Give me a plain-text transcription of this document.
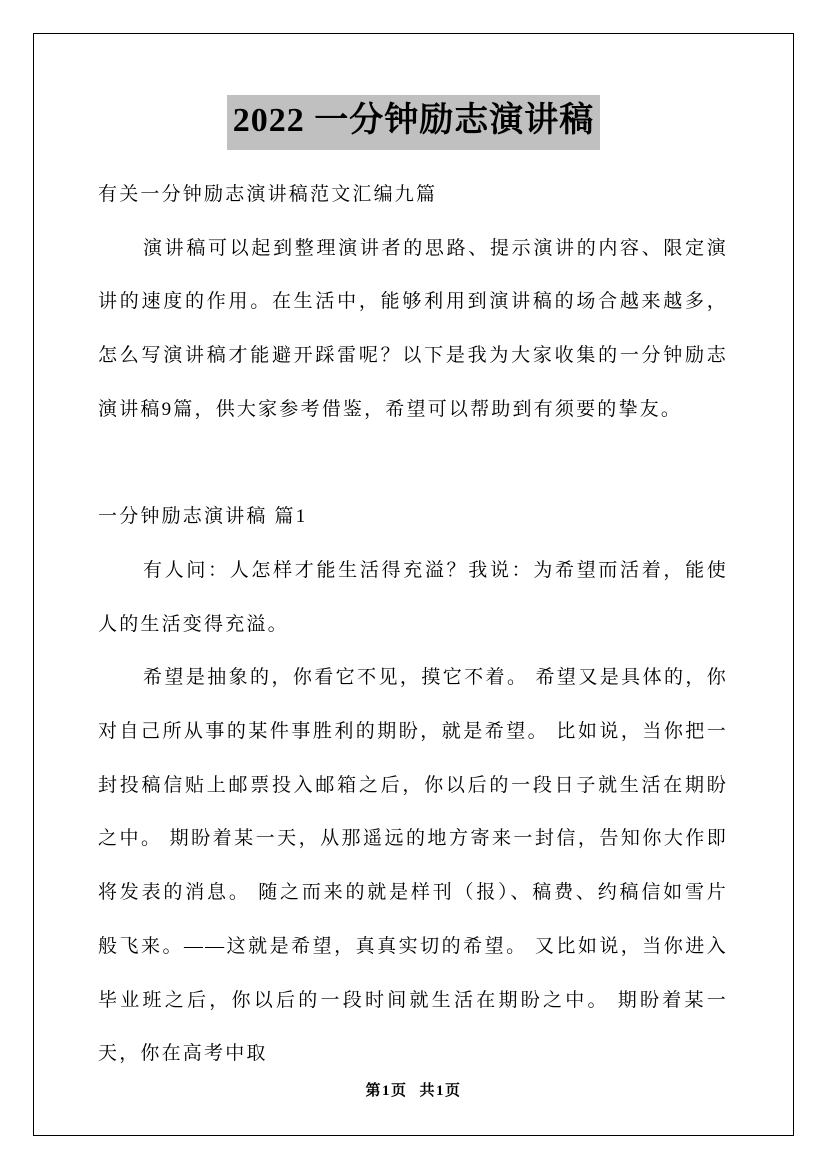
2022 一分钟励志演讲稿

有关一分钟励志演讲稿范文汇编九篇

演讲稿可以起到整理演讲者的思路、提示演讲的内容、限定演讲的速度的作用。在生活中，能够利用到演讲稿的场合越来越多，怎么写演讲稿才能避开踩雷呢？以下是我为大家收集的一分钟励志演讲稿9篇，供大家参考借鉴，希望可以帮助到有须要的挚友。

一分钟励志演讲稿 篇1

有人问：人怎样才能生活得充溢？我说：为希望而活着，能使人的生活变得充溢。

希望是抽象的，你看它不见，摸它不着。 希望又是具体的，你对自己所从事的某件事胜利的期盼，就是希望。 比如说，当你把一封投稿信贴上邮票投入邮箱之后，你以后的一段日子就生活在期盼之中。 期盼着某一天，从那遥远的地方寄来一封信，告知你大作即将发表的消息。 随之而来的就是样刊（报）、稿费、约稿信如雪片般飞来。——这就是希望，真真实切的希望。 又比如说，当你进入毕业班之后，你以后的一段时间就生活在期盼之中。 期盼着某一天，你在高考中取

第1页 共1页
